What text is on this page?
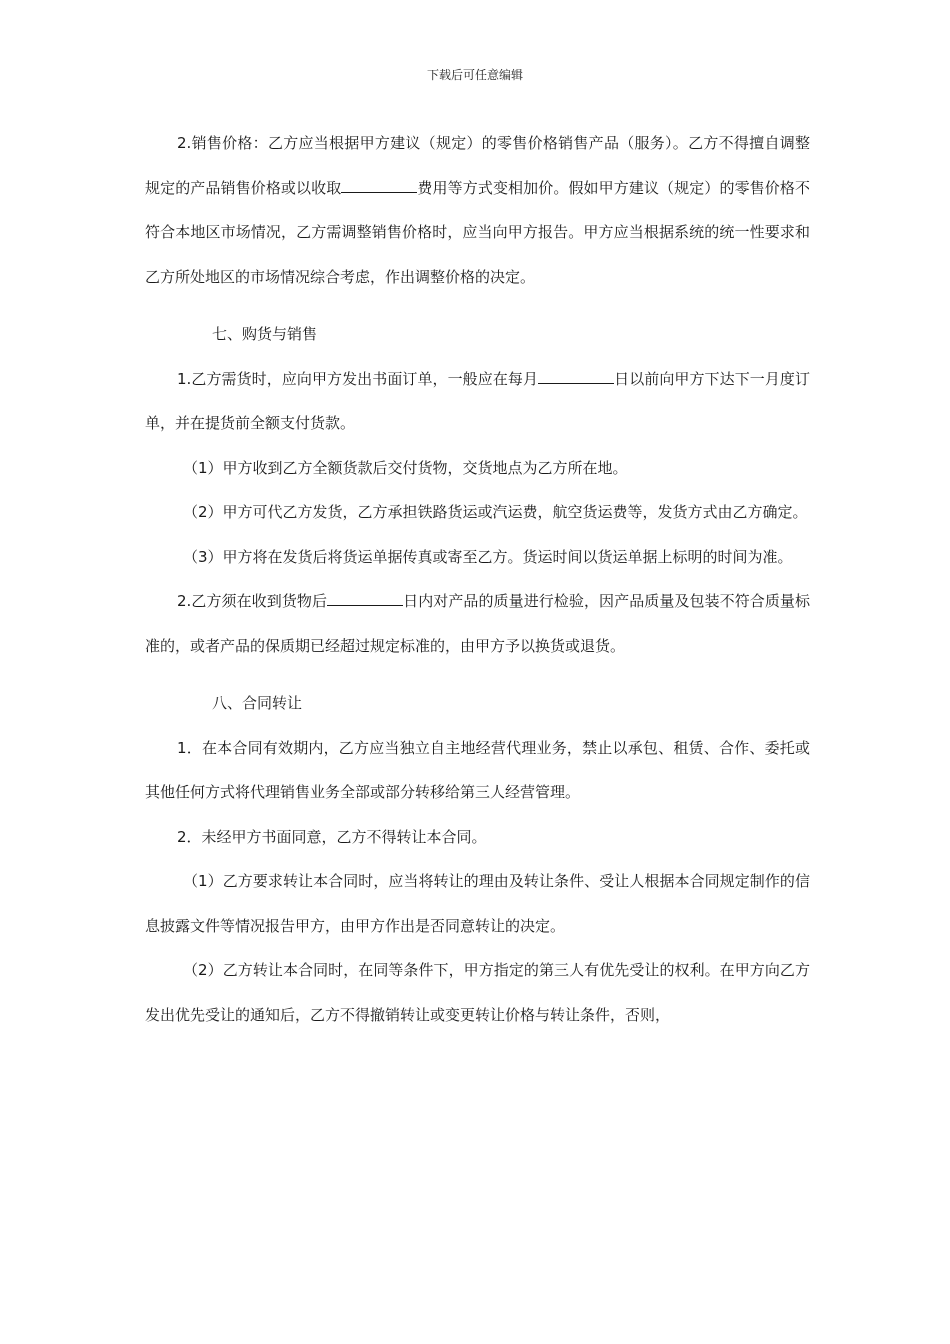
下载后可任意编辑

2.销售价格：乙方应当根据甲方建议（规定）的零售价格销售产品（服务）。乙方不得擅自调整规定的产品销售价格或以收取	费用等方式变相加价。假如甲方建议（规定）的零售价格不符合本地区市场情况，乙方需调整销售价格时，应当向甲方报告。甲方应当根据系统的统一性要求和乙方所处地区的市场情况综合考虑，作出调整价格的决定。

七、购货与销售

1.乙方需货时，应向甲方发出书面订单，一般应在每月	日以前向甲方下达下一月度订单，并在提货前全额支付货款。

（1）甲方收到乙方全额货款后交付货物，交货地点为乙方所在地。

（2）甲方可代乙方发货，乙方承担铁路货运或汽运费，航空货运费等，发货方式由乙方确定。

（3）甲方将在发货后将货运单据传真或寄至乙方。货运时间以货运单据上标明的时间为准。

2.乙方须在收到货物后	日内对产品的质量进行检验，因产品质量及包装不符合质量标准的，或者产品的保质期已经超过规定标准的，由甲方予以换货或退货。

八、合同转让

1．在本合同有效期内，乙方应当独立自主地经营代理业务，禁止以承包、租赁、合作、委托或其他任何方式将代理销售业务全部或部分转移给第三人经营管理。

2．未经甲方书面同意，乙方不得转让本合同。

（1）乙方要求转让本合同时，应当将转让的理由及转让条件、受让人根据本合同规定制作的信息披露文件等情况报告甲方，由甲方作出是否同意转让的决定。

（2）乙方转让本合同时，在同等条件下，甲方指定的第三人有优先受让的权利。在甲方向乙方发出优先受让的通知后，乙方不得撤销转让或变更转让价格与转让条件，否则，
